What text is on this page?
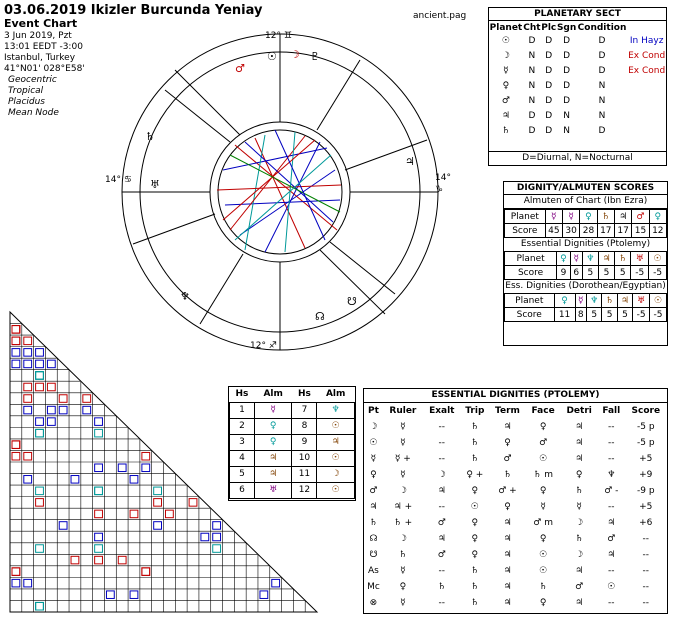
03.06.2019 Ikizler Burcunda Yeniay
Event Chart
3 Jun 2019, Pzt
13:01 EEDT -3:00
Istanbul, Turkey
41°N01' 028°E58'
Geocentric
Tropical
Placidus
Mean Node
ancient.pag
12° ♊
12° ♐
14° ♋	14°
♑
☉ ☽
♂
♇
♄
♅
♆
☊
☋
♃
PLANETARY SECT
Planet	Cht	Plc	Sgn	Condition	
☉	D	D	D	D	In Hayz
☽	N	D	D	D	Ex Cond
☿	N	D	D	D	Ex Cond
♀	N	D	D	N	
♂	N	D	D	N	
♃	D	D	N	N	
♄	D	D	N	D	
D=Diurnal, N=Nocturnal
DIGNITY/ALMUTEN SCORES
Almuten of Chart (Ibn Ezra)
Planet	☿	☿	♀	♄	♃	♂	♀
Score	45	30	28	17	17	15	12
Essential Dignities (Ptolemy)
Planet	♀	☿	♆	♃	♄	♅	☉
Score	9	6	5	5	5	-5	-5
Ess. Dignities (Dorothean/Egyptian)
Planet	♀	☿	♆	♄	♃	♅	☉
Score	11	8	5	5	5	-5	-5
Hs	Alm	Hs	Alm
1	☿	7	♆
2	♀	8	☉
3	♀	9	♃
4	♃	10	☉
5	♃	11	☽
6	♅	12	☉
ESSENTIAL DIGNITIES (PTOLEMY)
Pt	Ruler	Exalt	Trip	Term	Face	Detri	Fall	Score
☽	☿	--	♄	♃	♀	♃	--	-5 p
☉	☿	--	♄	♀	♂	♃	--	-5 p
☿	☿ +	--	♄	♂	☉	♃	--	+5
♀	☿	☽	♀ +	♄	♄ m	♀	♆	+9
♂	☽	♃	♀	♂ +	♀	♄	♂ -	-9 p
♃	♃ +	--	☉	♀	☿	☿	--	+5
♄	♄ +	♂	♀	♃	♂ m	☽	♃	+6
☊	☽	♃	♀	♃	♀	♄	♂	--
☋	♄	♂	♀	♃	☉	☽	♃	--
As	☿	--	♄	♃	☉	♃	--	--
Mc	♀	♄	♄	♃	♄	♂	☉	--
⊗	☿	--	♄	♃	♀	♃	--	--
